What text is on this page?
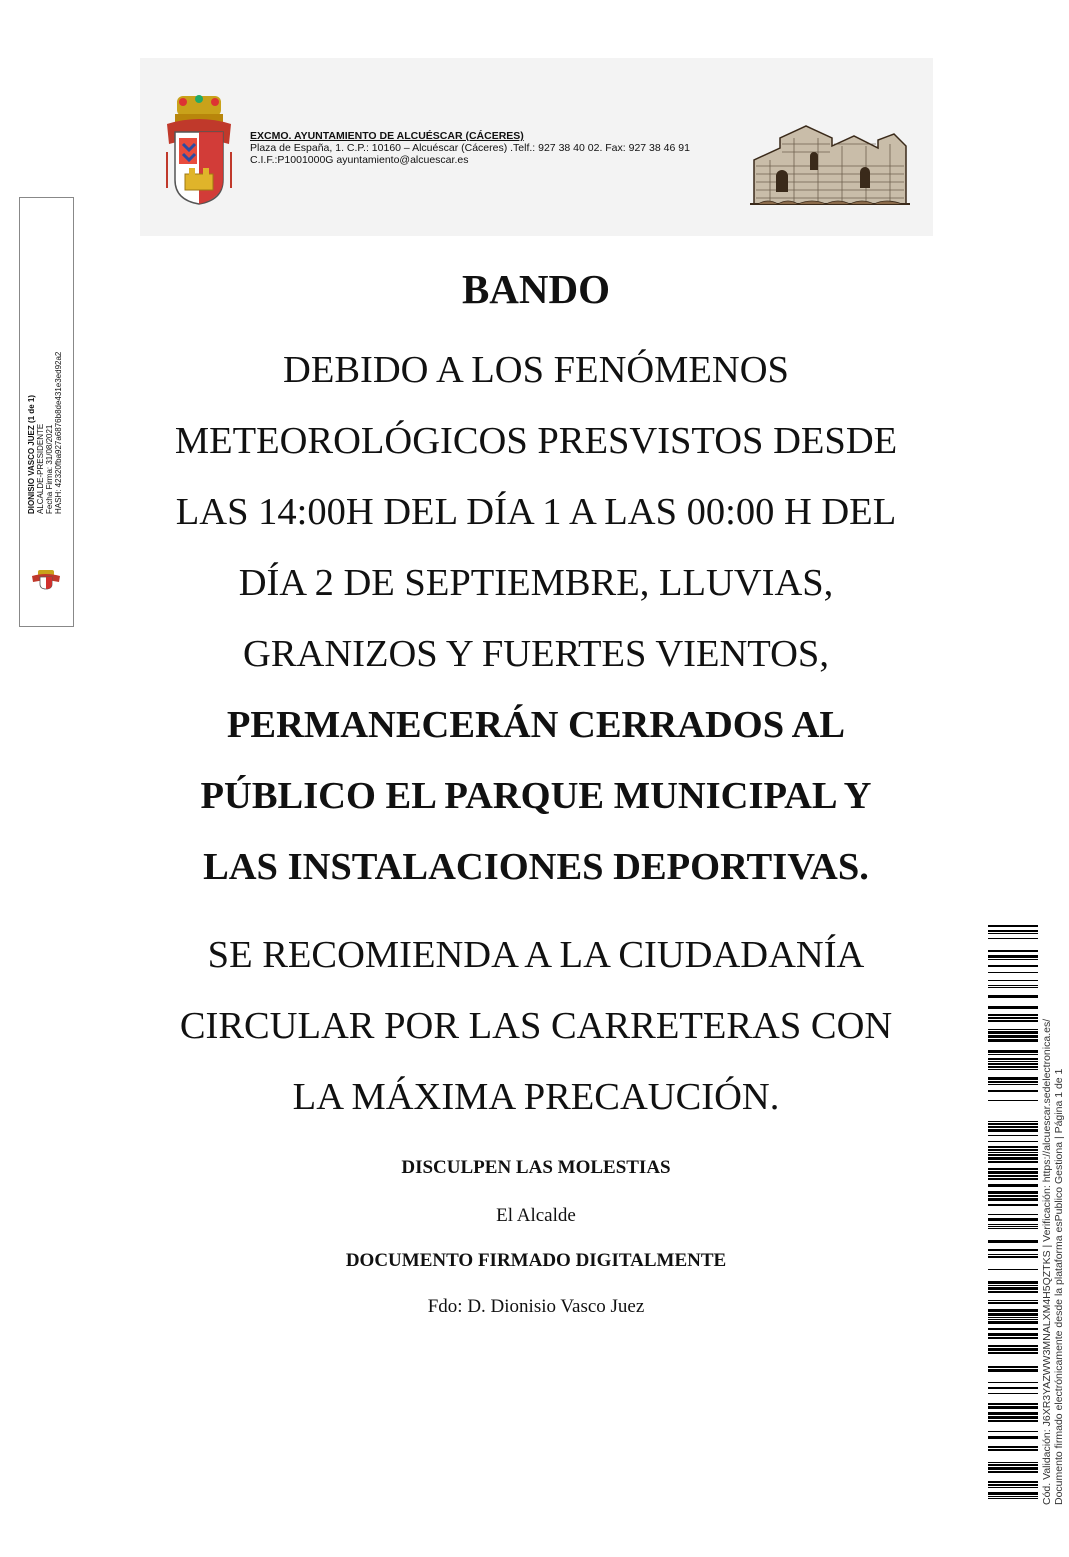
EXCMO. AYUNTAMIENTO DE ALCUÉSCAR (CÁCERES)
Plaza de España, 1. C.P.: 10160 – Alcuéscar (Cáceres) .Telf.: 927 38 40 02. Fax: 927 38 46 91
C.I.F.:P1001000G ayuntamiento@alcuescar.es
DIONISIO VASCO JUEZ (1 de 1) ALCALDE-PRESIDENTE Fecha Firma: 31/08/2021 HASH: 42320fba927a6876b8de431e3ed92a2
BANDO
DEBIDO A LOS FENÓMENOS
METEOROLÓGICOS PRESVISTOS DESDE
LAS 14:00H DEL DÍA 1 A LAS 00:00 H DEL
DÍA 2 DE SEPTIEMBRE, LLUVIAS,
GRANIZOS Y FUERTES VIENTOS,
PERMANECERÁN CERRADOS AL
PÚBLICO EL PARQUE MUNICIPAL Y
LAS INSTALACIONES DEPORTIVAS.
SE RECOMIENDA A LA CIUDADANÍA
CIRCULAR POR LAS CARRETERAS CON
LA MÁXIMA PRECAUCIÓN.
DISCULPEN LAS MOLESTIAS
El Alcalde
DOCUMENTO FIRMADO DIGITALMENTE
Fdo: D. Dionisio Vasco Juez	Cód. Validación: J6XR3YAZWW3MNALXM4H5QZTKS | Verificación: https://alcuescar.sedelectronica.es/ Documento firmado electrónicamente desde la plataforma esPublico Gestiona | Página 1 de 1
